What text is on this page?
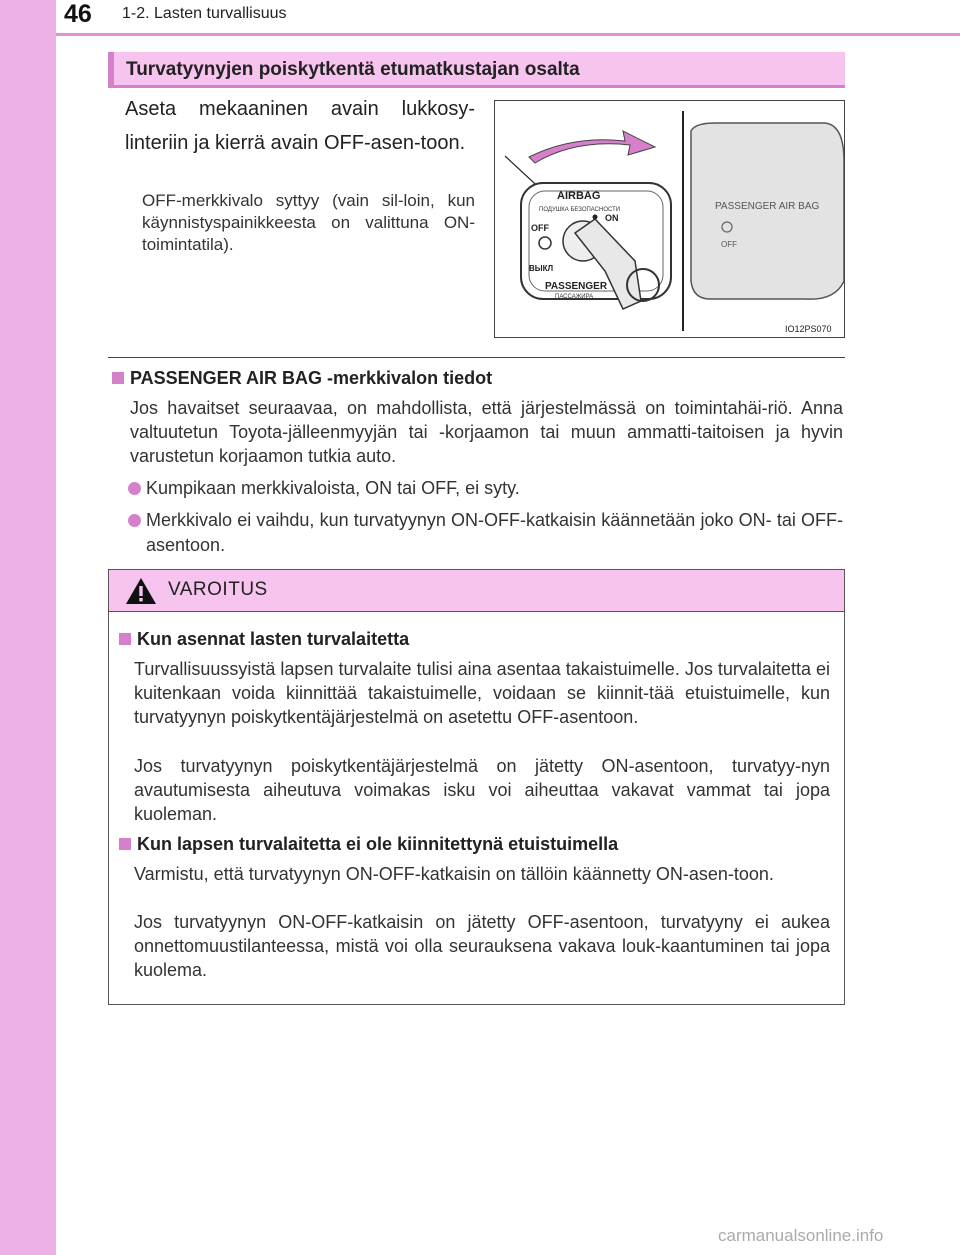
46 1-2. Lasten turvallisuus
Turvatyynyjen poiskytkentä etumatkustajan osalta
Aseta mekaaninen avain lukkosy-linteriin ja kierrä avain OFF-asen-toon.
OFF-merkkivalo syttyy (vain sil-loin, kun käynnistyspainikkeesta on valittuna ON-toimintatila).
AIRBAG
ПОДУШКА БЕЗОПАСНОСТИ
OFF
ON
ВЫКЛ
PASSENGER
ПАССАЖИРА
PASSENGER AIR BAG
OFF
IO12PS070
PASSENGER AIR BAG -merkkivalon tiedot
Jos havaitset seuraavaa, on mahdollista, että järjestelmässä on toimintahäi-riö. Anna valtuutetun Toyota-jälleenmyyjän tai -korjaamon tai muun ammatti-taitoisen ja hyvin varustetun korjaamon tutkia auto.
Kumpikaan merkkivaloista, ON tai OFF, ei syty.
Merkkivalo ei vaihdu, kun turvatyynyn ON-OFF-katkaisin käännetään joko ON- tai OFF-asentoon.
VAROITUS
Kun asennat lasten turvalaitetta
Turvallisuussyistä lapsen turvalaite tulisi aina asentaa takaistuimelle. Jos turvalaitetta ei kuitenkaan voida kiinnittää takaistuimelle, voidaan se kiinnit-tää etuistuimelle, kun turvatyynyn poiskytkentäjärjestelmä on asetettu OFF-asentoon.
Jos turvatyynyn poiskytkentäjärjestelmä on jätetty ON-asentoon, turvatyy-nyn avautumisesta aiheutuva voimakas isku voi aiheuttaa vakavat vammat tai jopa kuoleman.
Kun lapsen turvalaitetta ei ole kiinnitettynä etuistuimella
Varmistu, että turvatyynyn ON-OFF-katkaisin on tällöin käännetty ON-asen-toon.
Jos turvatyynyn ON-OFF-katkaisin on jätetty OFF-asentoon, turvatyyny ei aukea onnettomuustilanteessa, mistä voi olla seurauksena vakava louk-kaantuminen tai jopa kuolema.
carmanualsonline.info
